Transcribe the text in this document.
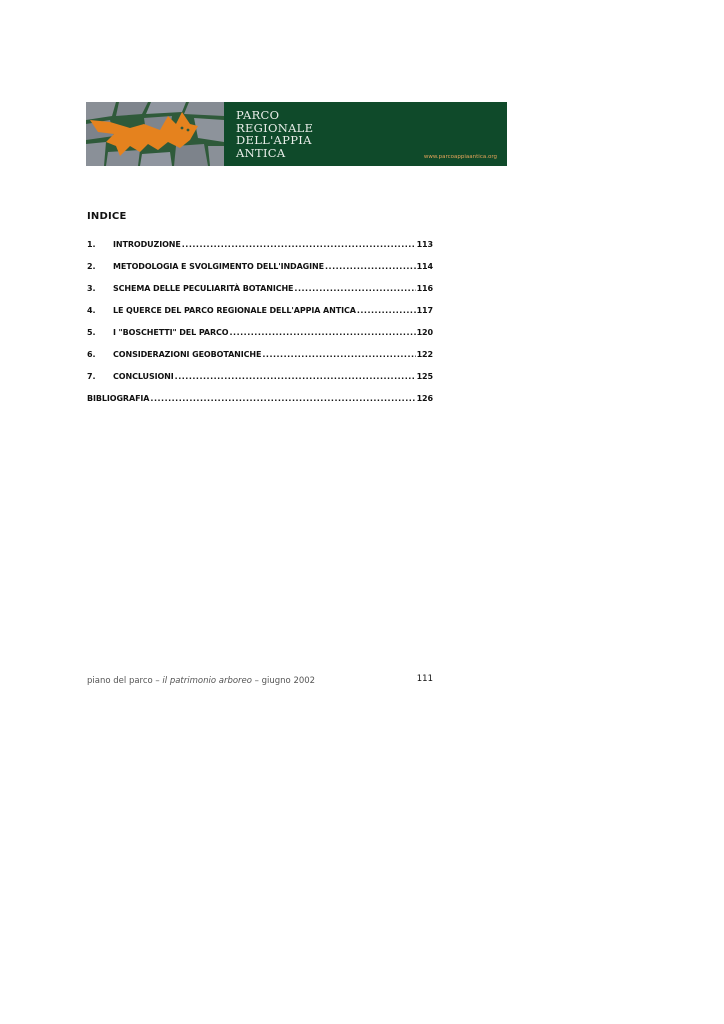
PARCO
REGIONALE
DELL'APPIA
ANTICA	www.parcoappiaantica.org
INDICE
1.	INTRODUZIONE .....	113
2.	METODOLOGIA E SVOLGIMENTO DELL'INDAGINE .....	114
3.	SCHEMA DELLE PECULIARITÀ BOTANICHE .....	116
4.	LE QUERCE DEL PARCO REGIONALE DELL'APPIA ANTICA .....	117
5.	I "BOSCHETTI" DEL PARCO .....	120
6.	CONSIDERAZIONI GEOBOTANICHE .....	122
7.	CONCLUSIONI .....	125
BIBLIOGRAFIA .....	126
piano del parco – il patrimonio arboreo – giugno 2002	111
